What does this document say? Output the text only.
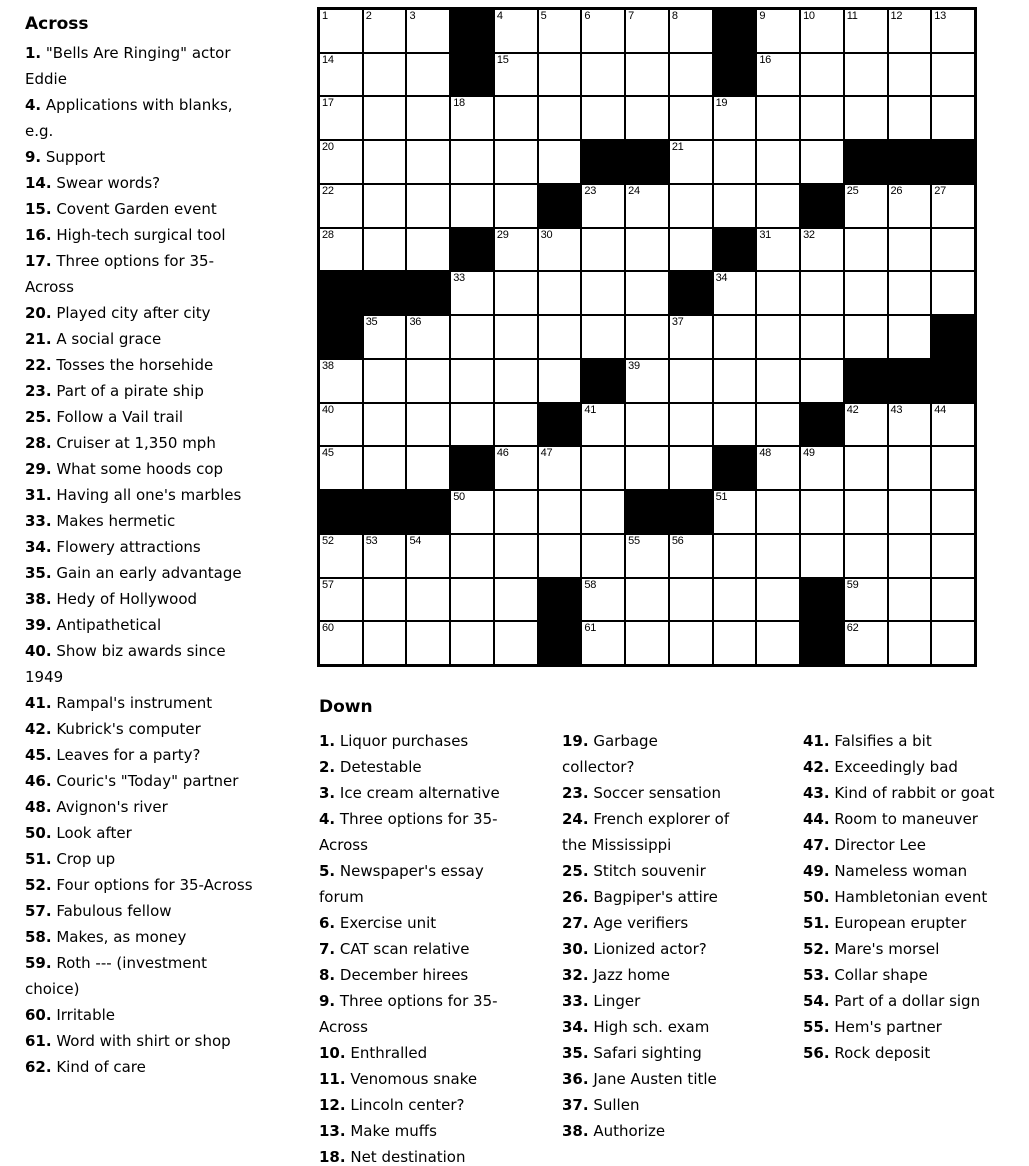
Across
1. "Bells Are Ringing" actor Eddie
4. Applications with blanks, e.g.
9. Support
14. Swear words?
15. Covent Garden event
16. High-tech surgical tool
17. Three options for 35-Across
20. Played city after city
21. A social grace
22. Tosses the horsehide
23. Part of a pirate ship
25. Follow a Vail trail
28. Cruiser at 1,350 mph
29. What some hoods cop
31. Having all one's marbles
33. Makes hermetic
34. Flowery attractions
35. Gain an early advantage
38. Hedy of Hollywood
39. Antipathetical
40. Show biz awards since 1949
41. Rampal's instrument
42. Kubrick's computer
45. Leaves for a party?
46. Couric's "Today" partner
48. Avignon's river
50. Look after
51. Crop up
52. Four options for 35-Across
57. Fabulous fellow
58. Makes, as money
59. Roth --- (investment choice)
60. Irritable
61. Word with shirt or shop
62. Kind of care
1	2	3	4	5	6	7	8	9	10	11	12	13
14	15	16
17	18	19
20	21
22	23	24	25	26	27
28	29	30	31	32
33	34
35	36	37
38	39
40	41	42	43	44
45	46	47	48	49
50	51
52	53	54	55	56
57	58	59
60	61	62
Down
1. Liquor purchases
2. Detestable
3. Ice cream alternative
4. Three options for 35-Across
5. Newspaper's essay forum
6. Exercise unit
7. CAT scan relative
8. December hirees
9. Three options for 35-Across
10. Enthralled
11. Venomous snake
12. Lincoln center?
13. Make muffs
18. Net destination
19. Garbage collector?
23. Soccer sensation
24. French explorer of the Mississippi
25. Stitch souvenir
26. Bagpiper's attire
27. Age verifiers
30. Lionized actor?
32. Jazz home
33. Linger
34. High sch. exam
35. Safari sighting
36. Jane Austen title
37. Sullen
38. Authorize
41. Falsifies a bit
42. Exceedingly bad
43. Kind of rabbit or goat
44. Room to maneuver
47. Director Lee
49. Nameless woman
50. Hambletonian event
51. European erupter
52. Mare's morsel
53. Collar shape
54. Part of a dollar sign
55. Hem's partner
56. Rock deposit
